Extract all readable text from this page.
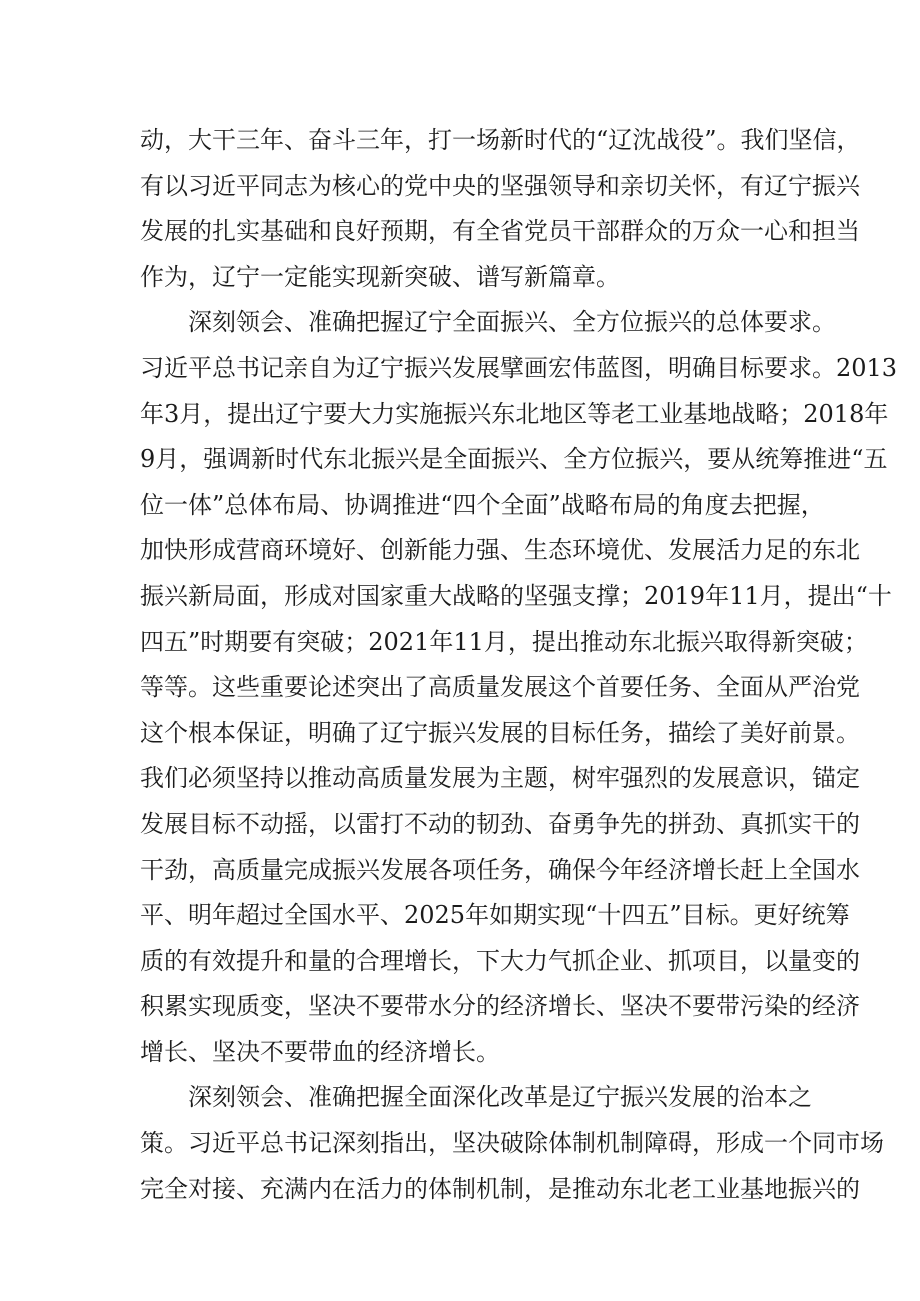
动，大干三年、奋斗三年，打一场新时代的“辽沈战役”。我们坚信，
有以习近平同志为核心的党中央的坚强领导和亲切关怀，有辽宁振兴
发展的扎实基础和良好预期，有全省党员干部群众的万众一心和担当
作为，辽宁一定能实现新突破、谱写新篇章。
深刻领会、准确把握辽宁全面振兴、全方位振兴的总体要求。
习近平总书记亲自为辽宁振兴发展擘画宏伟蓝图，明确目标要求。2013
年3月，提出辽宁要大力实施振兴东北地区等老工业基地战略；2018年
9月，强调新时代东北振兴是全面振兴、全方位振兴，要从统筹推进“五
位一体”总体布局、协调推进“四个全面”战略布局的角度去把握，
加快形成营商环境好、创新能力强、生态环境优、发展活力足的东北
振兴新局面，形成对国家重大战略的坚强支撑；2019年11月，提出“十
四五”时期要有突破；2021年11月，提出推动东北振兴取得新突破；
等等。这些重要论述突出了高质量发展这个首要任务、全面从严治党
这个根本保证，明确了辽宁振兴发展的目标任务，描绘了美好前景。
我们必须坚持以推动高质量发展为主题，树牢强烈的发展意识，锚定
发展目标不动摇，以雷打不动的韧劲、奋勇争先的拼劲、真抓实干的
干劲，高质量完成振兴发展各项任务，确保今年经济增长赶上全国水
平、明年超过全国水平、2025年如期实现“十四五”目标。更好统筹
质的有效提升和量的合理增长，下大力气抓企业、抓项目，以量变的
积累实现质变，坚决不要带水分的经济增长、坚决不要带污染的经济
增长、坚决不要带血的经济增长。
深刻领会、准确把握全面深化改革是辽宁振兴发展的治本之
策。习近平总书记深刻指出，坚决破除体制机制障碍，形成一个同市场
完全对接、充满内在活力的体制机制，是推动东北老工业基地振兴的
